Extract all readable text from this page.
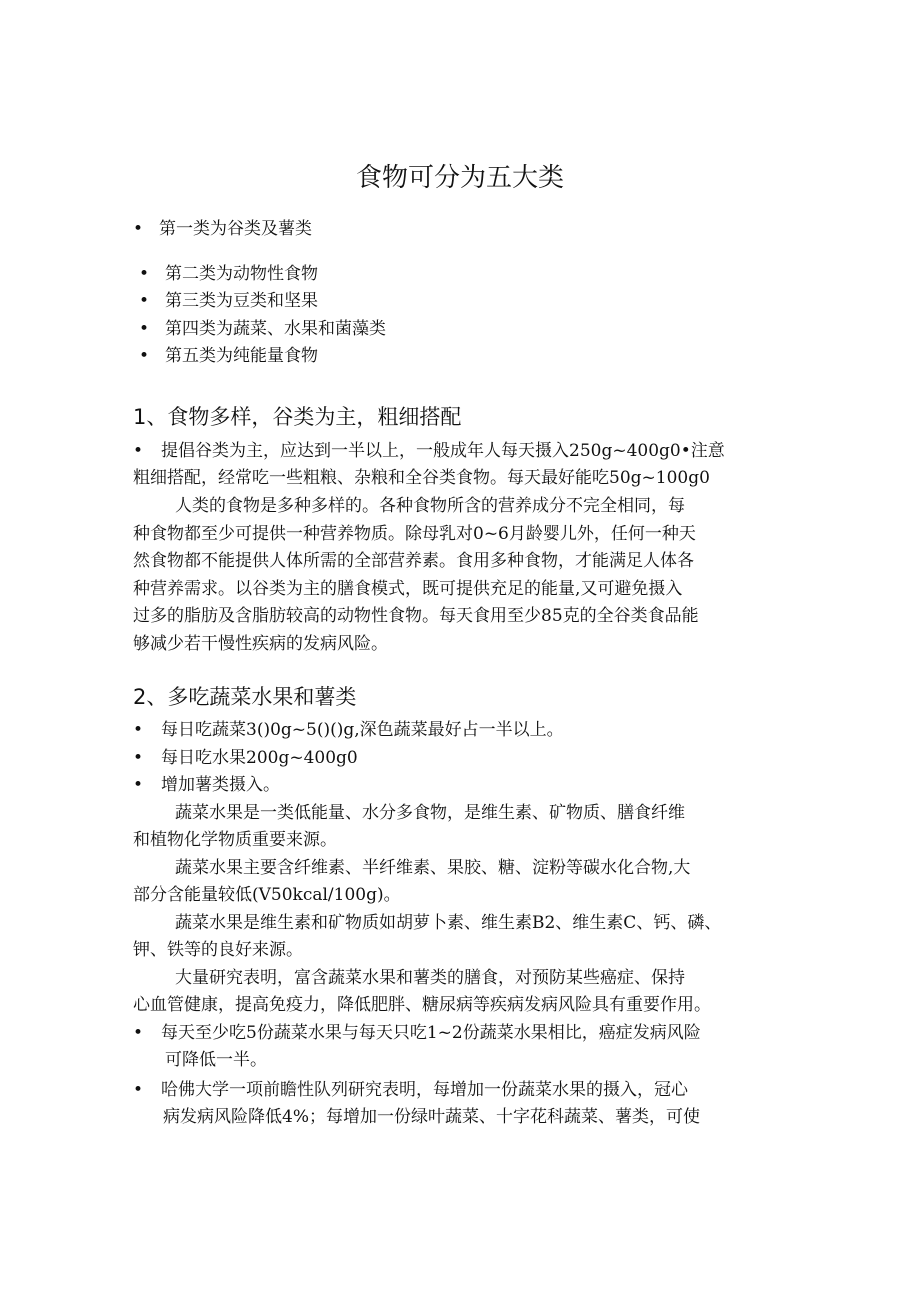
食物可分为五大类
• 第一类为谷类及薯类
• 第二类为动物性食物
• 第三类为豆类和坚果
• 第四类为蔬菜、水果和菌藻类
• 第五类为纯能量食物
1、食物多样，谷类为主，粗细搭配
• 提倡谷类为主，应达到一半以上，一般成年人每天摄入250g~400g0•注意
粗细搭配，经常吃一些粗粮、杂粮和全谷类食物。每天最好能吃50g~100g0
人类的食物是多种多样的。各种食物所含的营养成分不完全相同，每
种食物都至少可提供一种营养物质。除母乳对0~6月龄婴儿外，任何一种天
然食物都不能提供人体所需的全部营养素。食用多种食物，才能满足人体各
种营养需求。以谷类为主的膳食模式，既可提供充足的能量,又可避免摄入
过多的脂肪及含脂肪较高的动物性食物。每天食用至少85克的全谷类食品能
够减少若干慢性疾病的发病风险。
2、多吃蔬菜水果和薯类
• 每日吃蔬菜3()0g~5()()g,深色蔬菜最好占一半以上。
• 每日吃水果200g~400g0
• 增加薯类摄入。
蔬菜水果是一类低能量、水分多食物，是维生素、矿物质、膳食纤维
和植物化学物质重要来源。
蔬菜水果主要含纤维素、半纤维素、果胶、糖、淀粉等碳水化合物,大
部分含能量较低(V50kcal/100g)。
蔬菜水果是维生素和矿物质如胡萝卜素、维生素B2、维生素C、钙、磷、
钾、铁等的良好来源。
大量研究表明，富含蔬菜水果和薯类的膳食，对预防某些癌症、保持
心血管健康，提高免疫力，降低肥胖、糖尿病等疾病发病风险具有重要作用。
• 每天至少吃5份蔬菜水果与每天只吃1~2份蔬菜水果相比，癌症发病风险
可降低一半。
• 哈佛大学一项前瞻性队列研究表明，每增加一份蔬菜水果的摄入，冠心
病发病风险降低4%；每增加一份绿叶蔬菜、十字花科蔬菜、薯类，可使
